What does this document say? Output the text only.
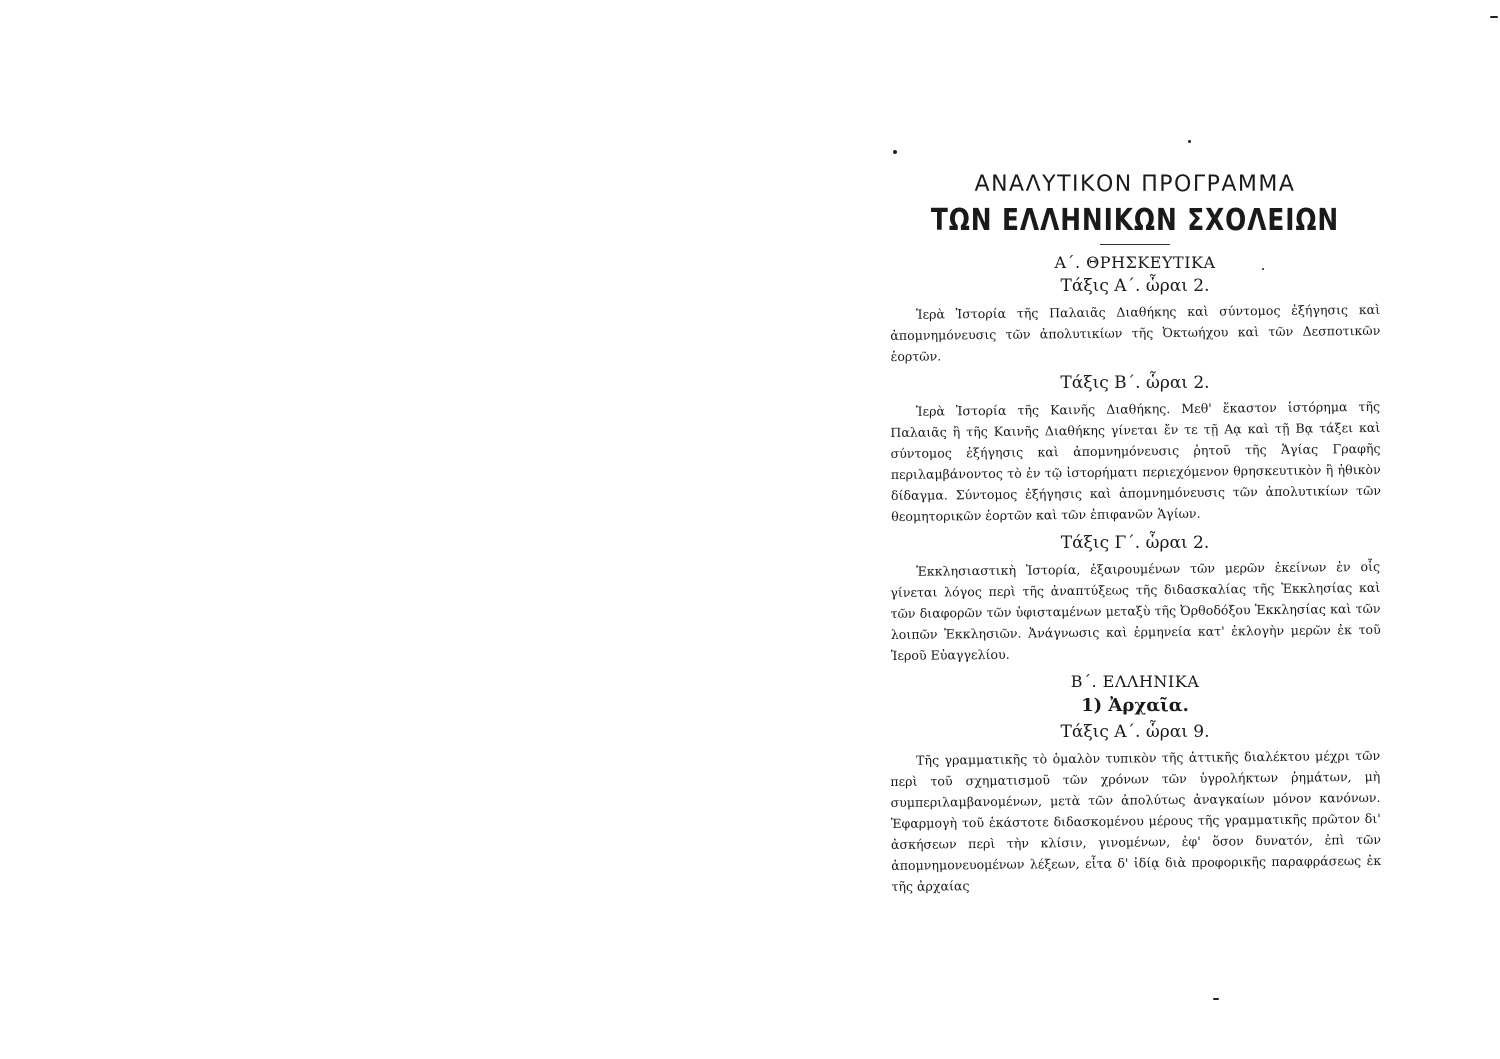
ΑΝΑΛΥΤΙΚΟΝ ΠΡΟΓΡΑΜΜΑ
ΤΩΝ ΕΛΛΗΝΙΚΩΝ ΣΧΟΛΕΙΩΝ
Α΄. ΘΡΗΣΚΕΥΤΙΚΑ
Τάξις Α΄. ὧραι 2.

Ἱερὰ Ἱστορία τῆς Παλαιᾶς Διαθήκης καὶ σύντομος ἐξήγησις καὶ ἀπομνημόνευσις τῶν ἀπολυτικίων τῆς Ὀκτωήχου καὶ τῶν Δεσποτικῶν ἑορτῶν.

Τάξις Β΄. ὧραι 2.

Ἱερὰ Ἱστορία τῆς Καινῆς Διαθήκης. Μεθ' ἕκαστον ἱστόρημα τῆς Παλαιᾶς ἢ τῆς Καινῆς Διαθήκης γίνεται ἔν τε τῇ Αᾳ καὶ τῇ Βᾳ τάξει καὶ σύντομος ἐξήγησις καὶ ἀπομνημόνευσις ῥητοῦ τῆς Ἁγίας Γραφῆς περιλαμβάνοντος τὸ ἐν τῷ ἱστορήματι περιεχόμενον θρησκευτικὸν ἢ ἠθικὸν δίδαγμα. Σύντομος ἐξήγησις καὶ ἀπομνημόνευσις τῶν ἀπολυτικίων τῶν θεομητορικῶν ἑορτῶν καὶ τῶν ἐπιφανῶν Ἁγίων.

Τάξις Γ΄. ὧραι 2.

Ἐκκλησιαστικὴ Ἱστορία, ἐξαιρουμένων τῶν μερῶν ἐκείνων ἐν οἷς γίνεται λόγος περὶ τῆς ἀναπτύξεως τῆς διδασκαλίας τῆς Ἐκκλησίας καὶ τῶν διαφορῶν τῶν ὑφισταμένων μεταξὺ τῆς Ὀρθοδόξου Ἐκκλησίας καὶ τῶν λοιπῶν Ἐκκλησιῶν. Ἀνάγνωσις καὶ ἑρμηνεία κατ' ἐκλογὴν μερῶν ἐκ τοῦ Ἱεροῦ Εὐαγγελίου.

Β΄. ΕΛΛΗΝΙΚΑ
1) Ἀρχαῖα.
Τάξις Α΄. ὧραι 9.

Τῆς γραμματικῆς τὸ ὁμαλὸν τυπικὸν τῆς ἀττικῆς διαλέκτου μέχρι τῶν περὶ τοῦ σχηματισμοῦ τῶν χρόνων τῶν ὑγρολήκτων ῥημάτων, μὴ συμπεριλαμβανομένων, μετὰ τῶν ἀπολύτως ἀναγκαίων μόνον κανόνων. Ἐφαρμογὴ τοῦ ἑκάστοτε διδασκομένου μέρους τῆς γραμματικῆς πρῶτον δι' ἀσκήσεων περὶ τὴν κλίσιν, γινομένων, ἐφ' ὅσον δυνατόν, ἐπὶ τῶν ἀπομνημονευομένων λέξεων, εἶτα δ' ἰδίᾳ διὰ προφορικῆς παραφράσεως ἐκ τῆς ἀρχαίας
